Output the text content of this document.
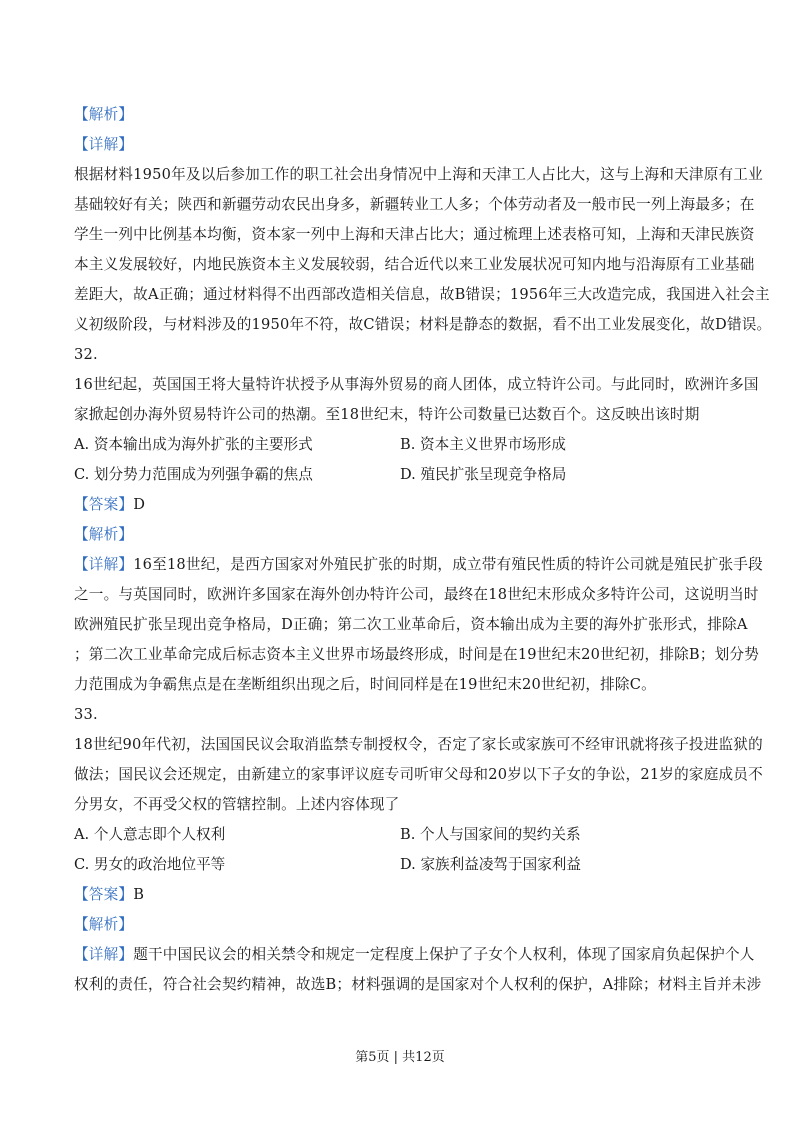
【解析】
【详解】
根据材料1950年及以后参加工作的职工社会出身情况中上海和天津工人占比大，这与上海和天津原有工业
基础较好有关；陕西和新疆劳动农民出身多，新疆转业工人多；个体劳动者及一般市民一列上海最多；在
学生一列中比例基本均衡，资本家一列中上海和天津占比大；通过梳理上述表格可知，上海和天津民族资
本主义发展较好，内地民族资本主义发展较弱，结合近代以来工业发展状况可知内地与沿海原有工业基础
差距大，故A正确；通过材料得不出西部改造相关信息，故B错误；1956年三大改造完成，我国进入社会主
义初级阶段，与材料涉及的1950年不符，故C错误；材料是静态的数据，看不出工业发展变化，故D错误。
32.
16世纪起，英国国王将大量特许状授予从事海外贸易的商人团体，成立特许公司。与此同时，欧洲许多国
家掀起创办海外贸易特许公司的热潮。至18世纪末，特许公司数量已达数百个。这反映出该时期
A. 资本输出成为海外扩张的主要形式	B. 资本主义世界市场形成
C. 划分势力范围成为列强争霸的焦点	D. 殖民扩张呈现竞争格局
【答案】D
【解析】
【详解】16至18世纪，是西方国家对外殖民扩张的时期，成立带有殖民性质的特许公司就是殖民扩张手段
之一。与英国同时，欧洲许多国家在海外创办特许公司，最终在18世纪末形成众多特许公司，这说明当时
欧洲殖民扩张呈现出竞争格局，D正确；第二次工业革命后，资本输出成为主要的海外扩张形式，排除A
；第二次工业革命完成后标志资本主义世界市场最终形成，时间是在19世纪末20世纪初，排除B；划分势
力范围成为争霸焦点是在垄断组织出现之后，时间同样是在19世纪末20世纪初，排除C。
33.
18世纪90年代初，法国国民议会取消监禁专制授权令，否定了家长或家族可不经审讯就将孩子投进监狱的
做法；国民议会还规定，由新建立的家事评议庭专司听审父母和20岁以下子女的争讼，21岁的家庭成员不
分男女，不再受父权的管辖控制。上述内容体现了
A. 个人意志即个人权利	B. 个人与国家间的契约关系
C. 男女的政治地位平等	D. 家族利益凌驾于国家利益
【答案】B
【解析】
【详解】题干中国民议会的相关禁令和规定一定程度上保护了子女个人权利，体现了国家肩负起保护个人
权利的责任，符合社会契约精神，故选B；材料强调的是国家对个人权利的保护，A排除；材料主旨并未涉
第5页 | 共12页
